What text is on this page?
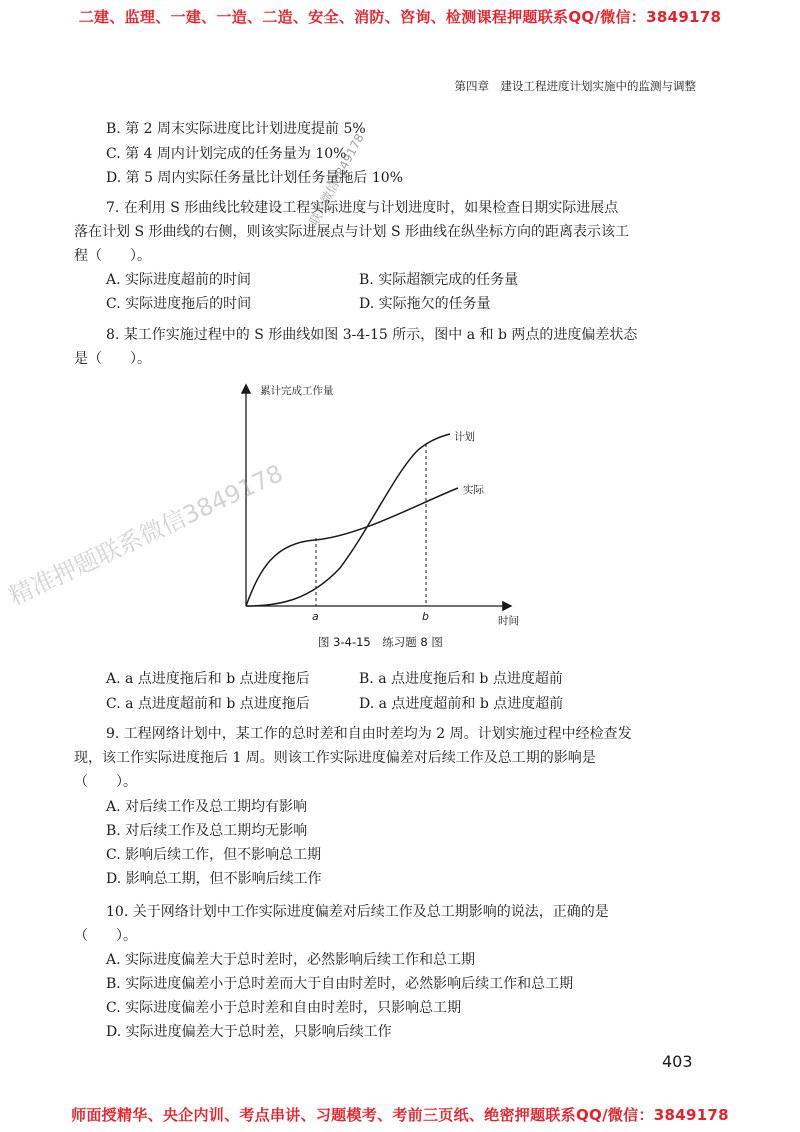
二建、监理、一建、一造、二造、安全、消防、咨询、检测课程押题联系QQ/微信：3849178
第四章　建设工程进度计划实施中的监测与调整
B. 第 2 周末实际进度比计划进度提前 5%
C. 第 4 周内计划完成的任务量为 10%
D. 第 5 周内实际任务量比计划任务量拖后 10%
7. 在利用 S 形曲线比较建设工程实际进度与计划进度时，如果检查日期实际进展点
落在计划 S 形曲线的右侧，则该实际进展点与计划 S 形曲线在纵坐标方向的距离表示该工
程（　　）。
A. 实际进度超前的时间	B. 实际超额完成的任务量
C. 实际进度拖后的时间	D. 实际拖欠的任务量
8. 某工作实施过程中的 S 形曲线如图 3-4-15 所示，图中 a 和 b 两点的进度偏差状态
是（　　）。
累计完成工作量
时间
a	b
计划
实际
图 3-4-15　练习题 8 图
A. a 点进度拖后和 b 点进度拖后	B. a 点进度拖后和 b 点进度超前
C. a 点进度超前和 b 点进度拖后	D. a 点进度超前和 b 点进度超前
9. 工程网络计划中，某工作的总时差和自由时差均为 2 周。计划实施过程中经检查发
现，该工作实际进度拖后 1 周。则该工作实际进度偏差对后续工作及总工期的影响是
（　　）。
A. 对后续工作及总工期均有影响
B. 对后续工作及总工期均无影响
C. 影响后续工作，但不影响总工期
D. 影响总工期，但不影响后续工作
10. 关于网络计划中工作实际进度偏差对后续工作及总工期影响的说法，正确的是
（　　）。
A. 实际进度偏差大于总时差时，必然影响后续工作和总工期
B. 实际进度偏差小于总时差而大于自由时差时，必然影响后续工作和总工期
C. 实际进度偏差小于总时差和自由时差时，只影响总工期
D. 实际进度偏差大于总时差，只影响后续工作
403
精准押题联系微信3849178
联系微信3849178
师面授精华、央企内训、考点串讲、习题模考、考前三页纸、绝密押题联系QQ/微信：3849178
